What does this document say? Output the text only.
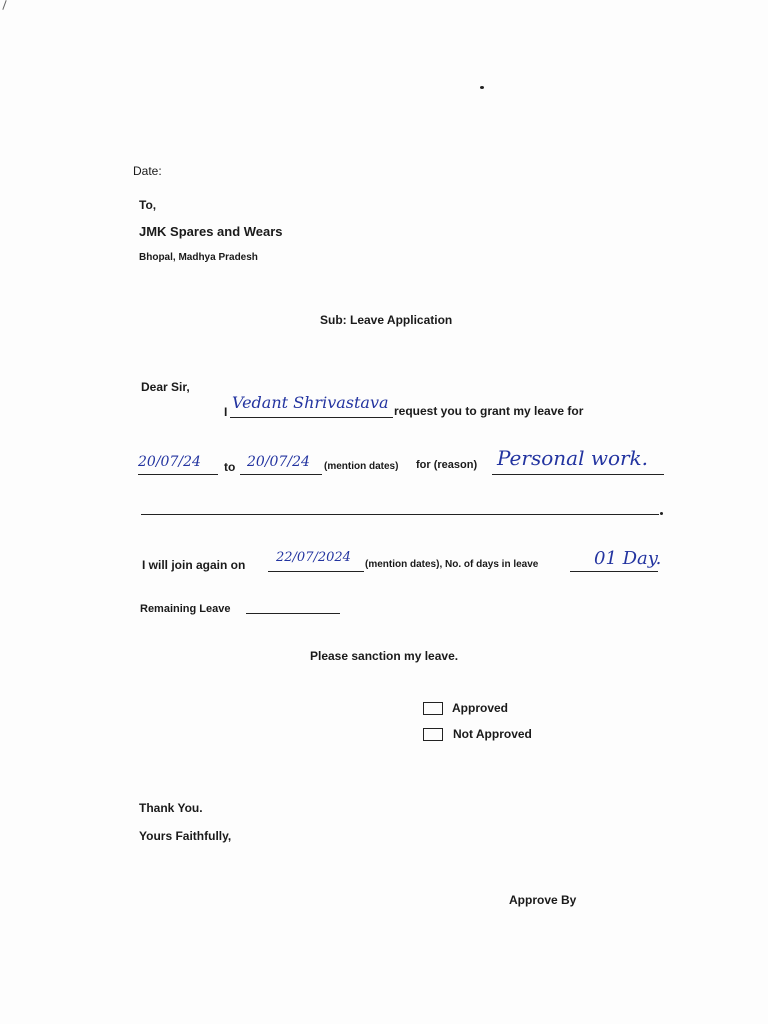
Date:
To,
JMK Spares and Wears
Bhopal, Madhya Pradesh
Sub: Leave Application
Dear Sir,
I Vedant Shrivastava request you to grant my leave for
20/07/24 to 20/07/24 (mention dates) for (reason) Personal work.
I will join again on 22/07/2024 (mention dates), No. of days in leave	01 Day.
Remaining Leave
Please sanction my leave.
Approved
Not Approved
Thank You.
Yours Faithfully,
Approve By
